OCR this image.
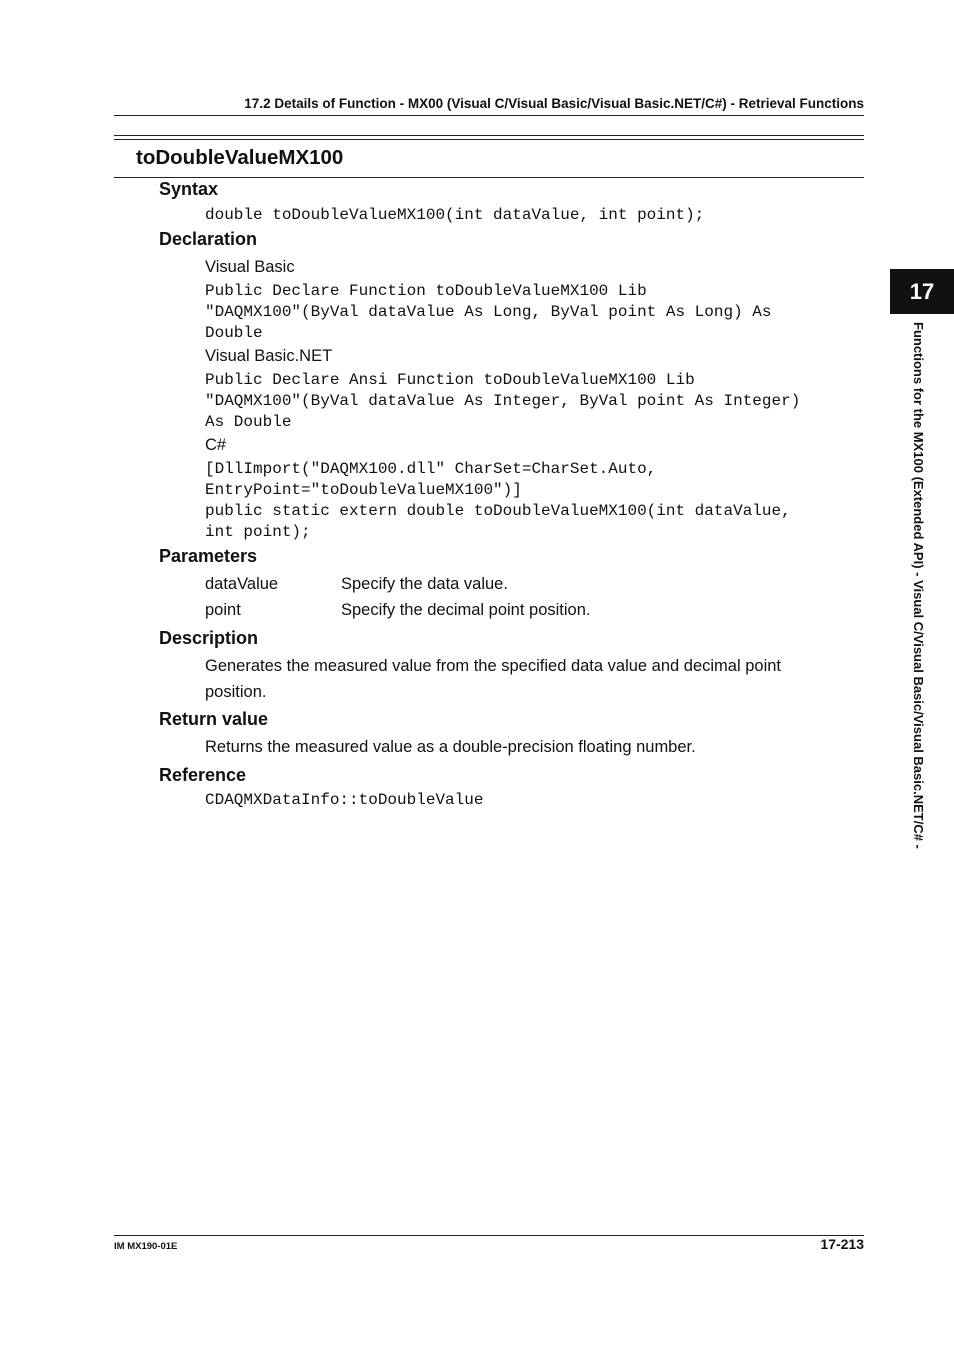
17.2 Details of Function - MX00 (Visual C/Visual Basic/Visual Basic.NET/C#) - Retrieval Functions
toDoubleValueMX100
Syntax
double toDoubleValueMX100(int dataValue, int point);
Declaration
Visual Basic
Public Declare Function toDoubleValueMX100 Lib
"DAQMX100"(ByVal dataValue As Long, ByVal point As Long) As
Double
Visual Basic.NET
Public Declare Ansi Function toDoubleValueMX100 Lib
"DAQMX100"(ByVal dataValue As Integer, ByVal point As Integer)
As Double
C#
[DllImport("DAQMX100.dll" CharSet=CharSet.Auto,
EntryPoint="toDoubleValueMX100")]
public static extern double toDoubleValueMX100(int dataValue,
int point);
Parameters
dataValue	Specify the data value.
point	Specify the decimal point position.
Description
Generates the measured value from the specified data value and decimal point position.
Return value
Returns the measured value as a double-precision floating number.
Reference
CDAQMXDataInfo::toDoubleValue
17
Functions for the MX100 (Extended API) - Visual C/Visual Basic/Visual Basic.NET/C# -
IM MX190-01E	17-213
